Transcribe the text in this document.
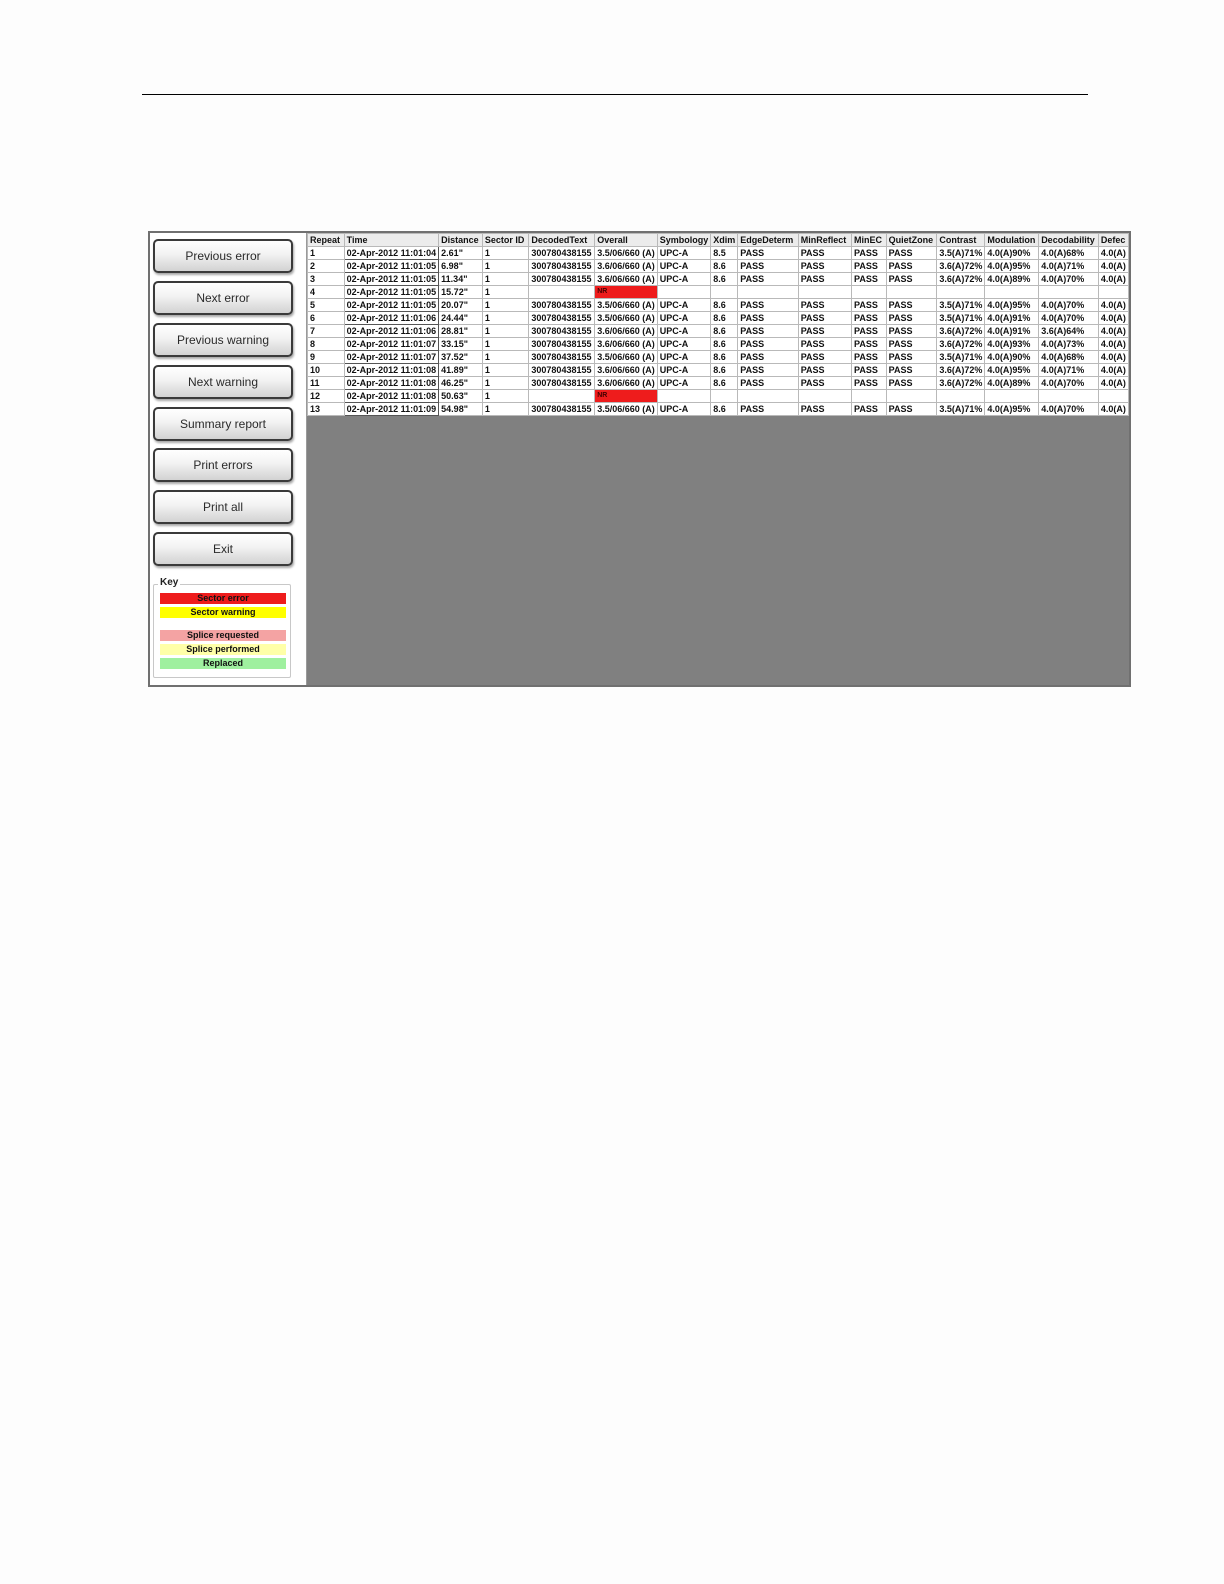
Previous error
Next error
Previous warning
Next warning
Summary report
Print errors
Print all
Exit
Key
Sector error
Sector warning
Splice requested
Splice performed
Replaced
Repeat	Time	Distance	Sector ID	DecodedText	Overall	Symbology	Xdim	EdgeDeterm	MinReflect	MinEC	QuietZone	Contrast	Modulation	Decodability	Defec
1	02-Apr-2012 11:01:04	2.61"	1	300780438155	3.5/06/660 (A)	UPC-A	8.5	PASS	PASS	PASS	PASS	3.5(A)71%	4.0(A)90%	4.0(A)68%	4.0(A)
2	02-Apr-2012 11:01:05	6.98"	1	300780438155	3.6/06/660 (A)	UPC-A	8.6	PASS	PASS	PASS	PASS	3.6(A)72%	4.0(A)95%	4.0(A)71%	4.0(A)
3	02-Apr-2012 11:01:05	11.34"	1	300780438155	3.6/06/660 (A)	UPC-A	8.6	PASS	PASS	PASS	PASS	3.6(A)72%	4.0(A)89%	4.0(A)70%	4.0(A)
4	02-Apr-2012 11:01:05	15.72"	1		NR										
5	02-Apr-2012 11:01:05	20.07"	1	300780438155	3.5/06/660 (A)	UPC-A	8.6	PASS	PASS	PASS	PASS	3.5(A)71%	4.0(A)95%	4.0(A)70%	4.0(A)
6	02-Apr-2012 11:01:06	24.44"	1	300780438155	3.5/06/660 (A)	UPC-A	8.6	PASS	PASS	PASS	PASS	3.5(A)71%	4.0(A)91%	4.0(A)70%	4.0(A)
7	02-Apr-2012 11:01:06	28.81"	1	300780438155	3.6/06/660 (A)	UPC-A	8.6	PASS	PASS	PASS	PASS	3.6(A)72%	4.0(A)91%	3.6(A)64%	4.0(A)
8	02-Apr-2012 11:01:07	33.15"	1	300780438155	3.6/06/660 (A)	UPC-A	8.6	PASS	PASS	PASS	PASS	3.6(A)72%	4.0(A)93%	4.0(A)73%	4.0(A)
9	02-Apr-2012 11:01:07	37.52"	1	300780438155	3.5/06/660 (A)	UPC-A	8.6	PASS	PASS	PASS	PASS	3.5(A)71%	4.0(A)90%	4.0(A)68%	4.0(A)
10	02-Apr-2012 11:01:08	41.89"	1	300780438155	3.6/06/660 (A)	UPC-A	8.6	PASS	PASS	PASS	PASS	3.6(A)72%	4.0(A)95%	4.0(A)71%	4.0(A)
11	02-Apr-2012 11:01:08	46.25"	1	300780438155	3.6/06/660 (A)	UPC-A	8.6	PASS	PASS	PASS	PASS	3.6(A)72%	4.0(A)89%	4.0(A)70%	4.0(A)
12	02-Apr-2012 11:01:08	50.63"	1		NR										
13	02-Apr-2012 11:01:09	54.98"	1	300780438155	3.5/06/660 (A)	UPC-A	8.6	PASS	PASS	PASS	PASS	3.5(A)71%	4.0(A)95%	4.0(A)70%	4.0(A)
